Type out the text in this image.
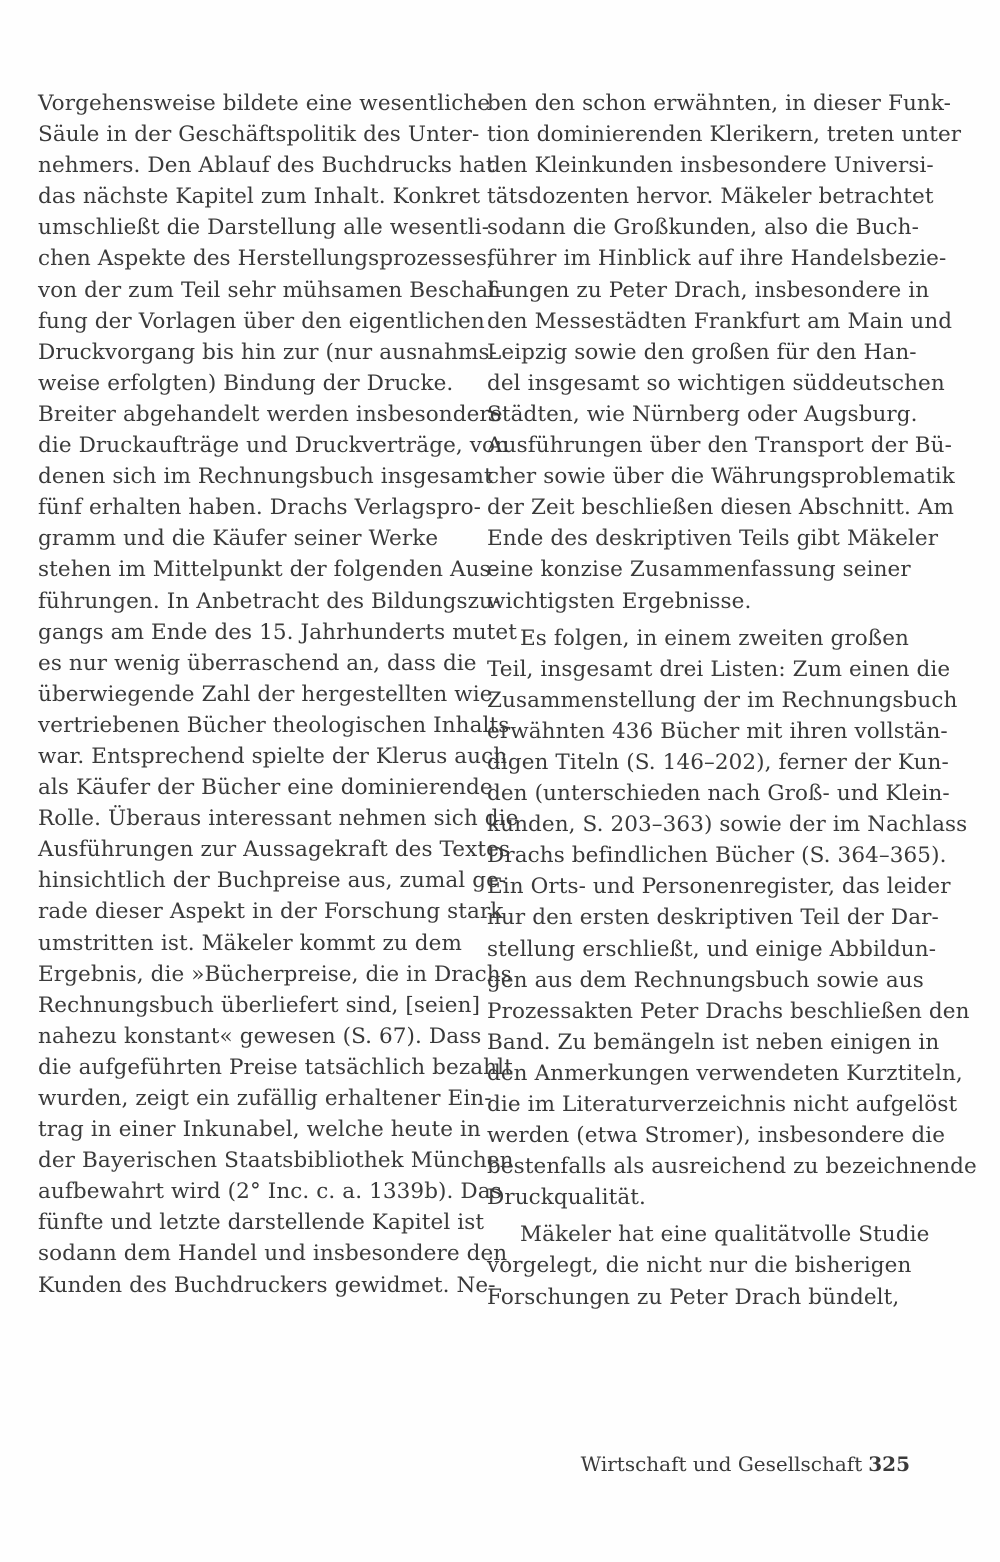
Vorgehensweise bildete eine wesentliche
Säule in der Geschäftspolitik des Unter-
nehmers. Den Ablauf des Buchdrucks hat
das nächste Kapitel zum Inhalt. Konkret
umschließt die Darstellung alle wesentli-
chen Aspekte des Herstellungsprozesses,
von der zum Teil sehr mühsamen Beschaf-
fung der Vorlagen über den eigentlichen
Druckvorgang bis hin zur (nur ausnahms-
weise erfolgten) Bindung der Drucke.
Breiter abgehandelt werden insbesondere
die Druckaufträge und Druckverträge, von
denen sich im Rechnungsbuch insgesamt
fünf erhalten haben. Drachs Verlagspro-
gramm und die Käufer seiner Werke
stehen im Mittelpunkt der folgenden Aus-
führungen. In Anbetracht des Bildungszu-
gangs am Ende des 15. Jahrhunderts mutet
es nur wenig überraschend an, dass die
überwiegende Zahl der hergestellten wie
vertriebenen Bücher theologischen Inhalts
war. Entsprechend spielte der Klerus auch
als Käufer der Bücher eine dominierende
Rolle. Überaus interessant nehmen sich die
Ausführungen zur Aussagekraft des Textes
hinsichtlich der Buchpreise aus, zumal ge-
rade dieser Aspekt in der Forschung stark
umstritten ist. Mäkeler kommt zu dem
Ergebnis, die »Bücherpreise, die in Drachs
Rechnungsbuch überliefert sind, [seien]
nahezu konstant« gewesen (S. 67). Dass
die aufgeführten Preise tatsächlich bezahlt
wurden, zeigt ein zufällig erhaltener Ein-
trag in einer Inkunabel, welche heute in
der Bayerischen Staatsbibliothek München
aufbewahrt wird (2° Inc. c. a. 1339b). Das
fünfte und letzte darstellende Kapitel ist
sodann dem Handel und insbesondere den
Kunden des Buchdruckers gewidmet. Ne-
ben den schon erwähnten, in dieser Funk-
tion dominierenden Klerikern, treten unter
den Kleinkunden insbesondere Universi-
tätsdozenten hervor. Mäkeler betrachtet
sodann die Großkunden, also die Buch-
führer im Hinblick auf ihre Handelsbezie-
hungen zu Peter Drach, insbesondere in
den Messestädten Frankfurt am Main und
Leipzig sowie den großen für den Han-
del insgesamt so wichtigen süddeutschen
Städten, wie Nürnberg oder Augsburg.
Ausführungen über den Transport der Bü-
cher sowie über die Währungsproblematik
der Zeit beschließen diesen Abschnitt. Am
Ende des deskriptiven Teils gibt Mäkeler
eine konzise Zusammenfassung seiner
wichtigsten Ergebnisse.
Es folgen, in einem zweiten großen
Teil, insgesamt drei Listen: Zum einen die
Zusammenstellung der im Rechnungsbuch
erwähnten 436 Bücher mit ihren vollstän-
digen Titeln (S. 146–202), ferner der Kun-
den (unterschieden nach Groß- und Klein-
kunden, S. 203–363) sowie der im Nachlass
Drachs befindlichen Bücher (S. 364–365).
Ein Orts- und Personenregister, das leider
nur den ersten deskriptiven Teil der Dar-
stellung erschließt, und einige Abbildun-
gen aus dem Rechnungsbuch sowie aus
Prozessakten Peter Drachs beschließen den
Band. Zu bemängeln ist neben einigen in
den Anmerkungen verwendeten Kurztiteln,
die im Literaturverzeichnis nicht aufgelöst
werden (etwa Stromer), insbesondere die
bestenfalls als ausreichend zu bezeichnende
Druckqualität.
Mäkeler hat eine qualitätvolle Studie
vorgelegt, die nicht nur die bisherigen
Forschungen zu Peter Drach bündelt,
Wirtschaft und Gesellschaft 325
